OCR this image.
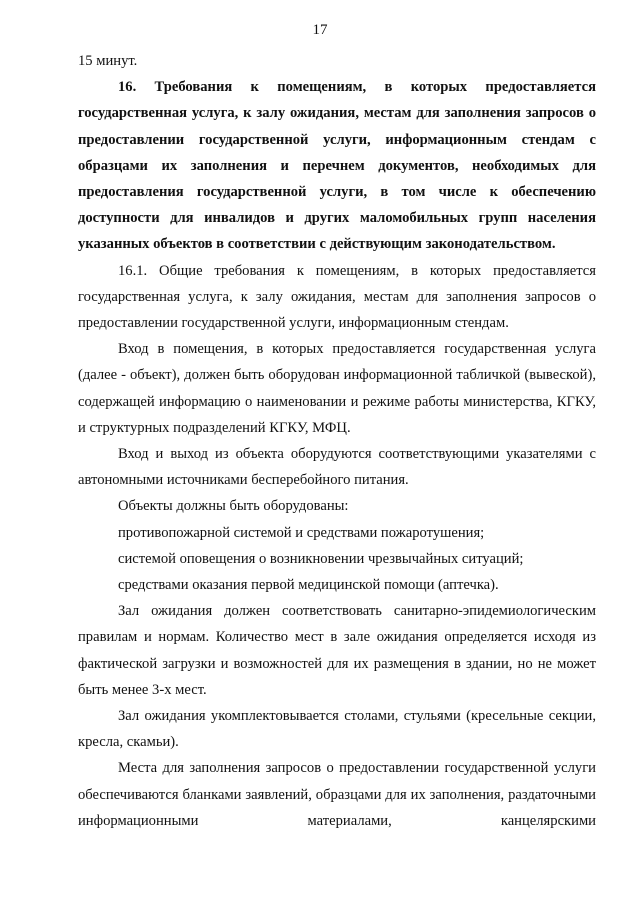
17

15 минут.

16. Требования к помещениям, в которых предоставляется государственная услуга, к залу ожидания, местам для заполнения запросов о предоставлении государственной услуги, информационным стендам с образцами их заполнения и перечнем документов, необходимых для предоставления государственной услуги, в том числе к обеспечению доступности для инвалидов и других маломобильных групп населения указанных объектов в соответствии с действующим законодательством.

16.1. Общие требования к помещениям, в которых предоставляется государственная услуга, к залу ожидания, местам для заполнения запросов о предоставлении государственной услуги, информационным стендам.

Вход в помещения, в которых предоставляется государственная услуга (далее - объект), должен быть оборудован информационной табличкой (вывеской), содержащей информацию о наименовании и режиме работы министерства, КГКУ, и структурных подразделений КГКУ, МФЦ.

Вход и выход из объекта оборудуются соответствующими указателями с автономными источниками бесперебойного питания.

Объекты должны быть оборудованы:

противопожарной системой и средствами пожаротушения;

системой оповещения о возникновении чрезвычайных ситуаций;

средствами оказания первой медицинской помощи (аптечка).

Зал ожидания должен соответствовать санитарно-эпидемиологическим правилам и нормам. Количество мест в зале ожидания определяется исходя из фактической загрузки и возможностей для их размещения в здании, но не может быть менее 3-х мест.

Зал ожидания укомплектовывается столами, стульями (кресельные секции, кресла, скамьи).

Места для заполнения запросов о предоставлении государственной услуги обеспечиваются бланками заявлений, образцами для их заполнения, раздаточными информационными материалами, канцелярскими
